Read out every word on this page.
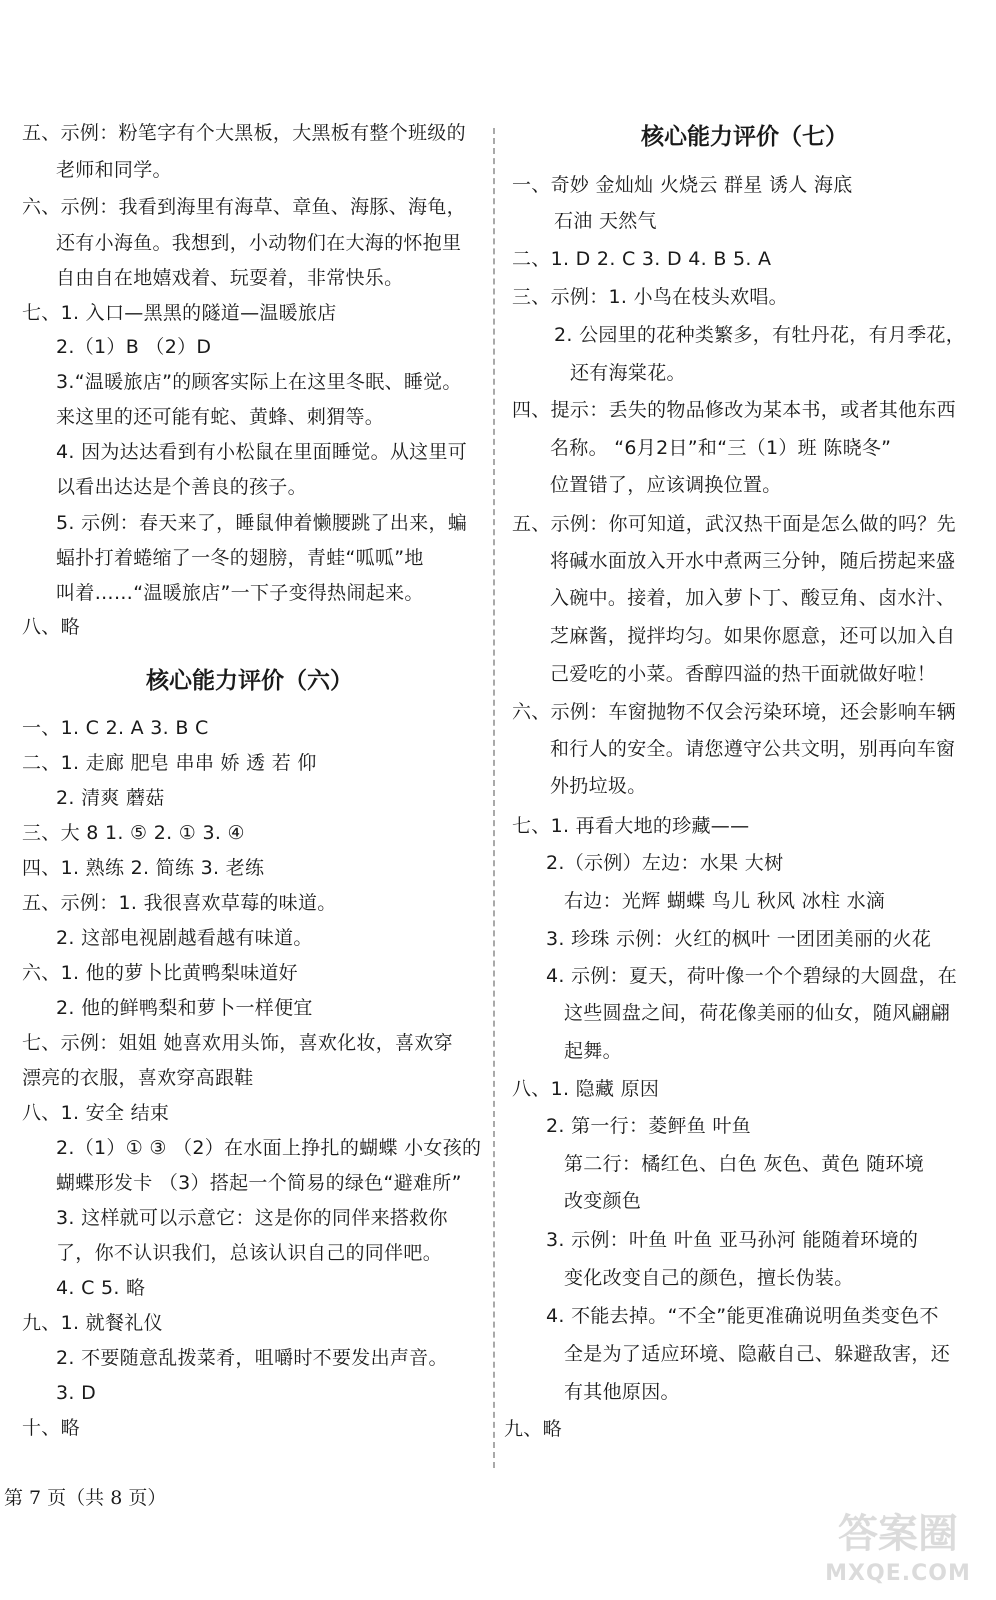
五、示例：粉笔字有个大黑板，大黑板有整个班级的
老师和同学。
六、示例：我看到海里有海草、章鱼、海豚、海龟，
还有小海鱼。我想到，小动物们在大海的怀抱里
自由自在地嬉戏着、玩耍着，非常快乐。
七、1. 入口—黑黑的隧道—温暖旅店
2.（1）B （2）D
3.“温暖旅店”的顾客实际上在这里冬眠、睡觉。
来这里的还可能有蛇、黄蜂、刺猬等。
4. 因为达达看到有小松鼠在里面睡觉。从这里可
以看出达达是个善良的孩子。
5. 示例：春天来了，睡鼠伸着懒腰跳了出来，蝙
蝠扑打着蜷缩了一冬的翅膀，青蛙“呱呱”地
叫着……“温暖旅店”一下子变得热闹起来。
八、略
核心能力评价（六）
一、1. C 2. A 3. B C
二、1. 走廊 肥皂 串串 娇 透 若 仰
2. 清爽 蘑菇
三、大 8 1. ⑤ 2. ① 3. ④
四、1. 熟练 2. 简练 3. 老练
五、示例：1. 我很喜欢草莓的味道。
2. 这部电视剧越看越有味道。
六、1. 他的萝卜比黄鸭梨味道好
2. 他的鲜鸭梨和萝卜一样便宜
七、示例：姐姐 她喜欢用头饰，喜欢化妆，喜欢穿
漂亮的衣服，喜欢穿高跟鞋
八、1. 安全 结束
2.（1）① ③ （2）在水面上挣扎的蝴蝶 小女孩的
蝴蝶形发卡 （3）搭起一个简易的绿色“避难所”
3. 这样就可以示意它：这是你的同伴来搭救你
了，你不认识我们，总该认识自己的同伴吧。
4. C 5. 略
九、1. 就餐礼仪
2. 不要随意乱拨菜肴，咀嚼时不要发出声音。
3. D
十、略
核心能力评价（七）
一、奇妙 金灿灿 火烧云 群星 诱人 海底
石油 天然气
二、1. D 2. C 3. D 4. B 5. A
三、示例：1. 小鸟在枝头欢唱。
2. 公园里的花种类繁多，有牡丹花，有月季花，
还有海棠花。
四、提示：丢失的物品修改为某本书，或者其他东西
名称。 “6月2日”和“三（1）班 陈晓冬”
位置错了，应该调换位置。
五、示例：你可知道，武汉热干面是怎么做的吗？先
将碱水面放入开水中煮两三分钟，随后捞起来盛
入碗中。接着，加入萝卜丁、酸豆角、卤水汁、
芝麻酱，搅拌均匀。如果你愿意，还可以加入自
己爱吃的小菜。香醇四溢的热干面就做好啦！
六、示例：车窗抛物不仅会污染环境，还会影响车辆
和行人的安全。请您遵守公共文明，别再向车窗
外扔垃圾。
七、1. 再看大地的珍藏——
2.（示例）左边：水果 大树
右边：光辉 蝴蝶 鸟儿 秋风 冰柱 水滴
3. 珍珠 示例：火红的枫叶 一团团美丽的火花
4. 示例：夏天，荷叶像一个个碧绿的大圆盘，在
这些圆盘之间，荷花像美丽的仙女，随风翩翩
起舞。
八、1. 隐藏 原因
2. 第一行：菱鲆鱼 叶鱼
第二行：橘红色、白色 灰色、黄色 随环境
改变颜色
3. 示例：叶鱼 叶鱼 亚马孙河 能随着环境的
变化改变自己的颜色，擅长伪装。
4. 不能去掉。“不全”能更准确说明鱼类变色不
全是为了适应环境、隐蔽自己、躲避敌害，还
有其他原因。
九、略
第 7 页（共 8 页）
答案圈
MXQE.COM
